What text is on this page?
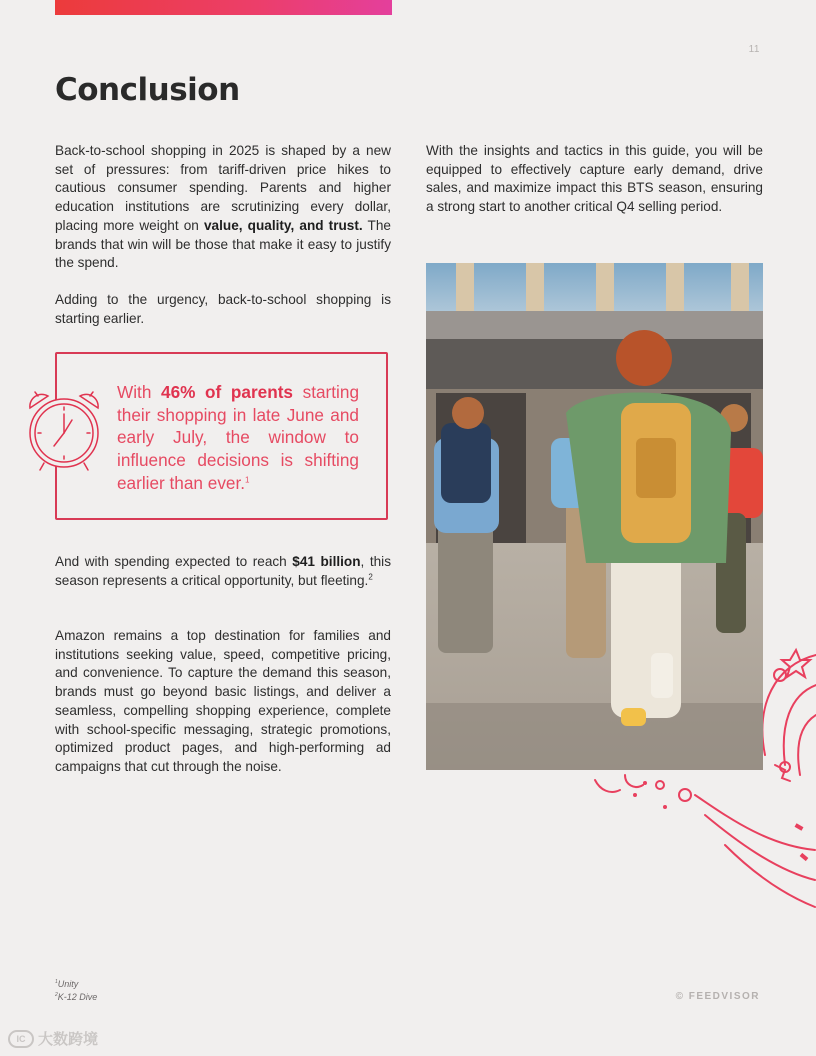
11
Conclusion

Back-to-school shopping in 2025 is shaped by a new set of pressures: from tariff-driven price hikes to cautious consumer spending. Parents and higher education institutions are scrutinizing every dollar, placing more weight on value, quality, and trust. The brands that win will be those that make it easy to justify the spend.

Adding to the urgency, back-to-school shopping is starting earlier.

With 46% of parents starting their shopping in late June and early July, the window to influence decisions is shifting earlier than ever.$^1$

And with spending expected to reach $41 billion, this season represents a critical opportunity, but fleeting.$^2$

Amazon remains a top destination for families and institutions seeking value, speed, competitive pricing, and convenience. To capture the demand this season, brands must go beyond basic listings, and deliver a seamless, compelling shopping experience, complete with school-specific messaging, strategic promotions, optimized product pages, and high-performing ad campaigns that cut through the noise.

With the insights and tactics in this guide, you will be equipped to effectively capture early demand, drive sales, and maximize impact this BTS season, ensuring a strong start to another critical Q4 selling period.

$^1$Unity
$^2$K-12 Dive	© FEEDVISOR
IC 大数跨境
